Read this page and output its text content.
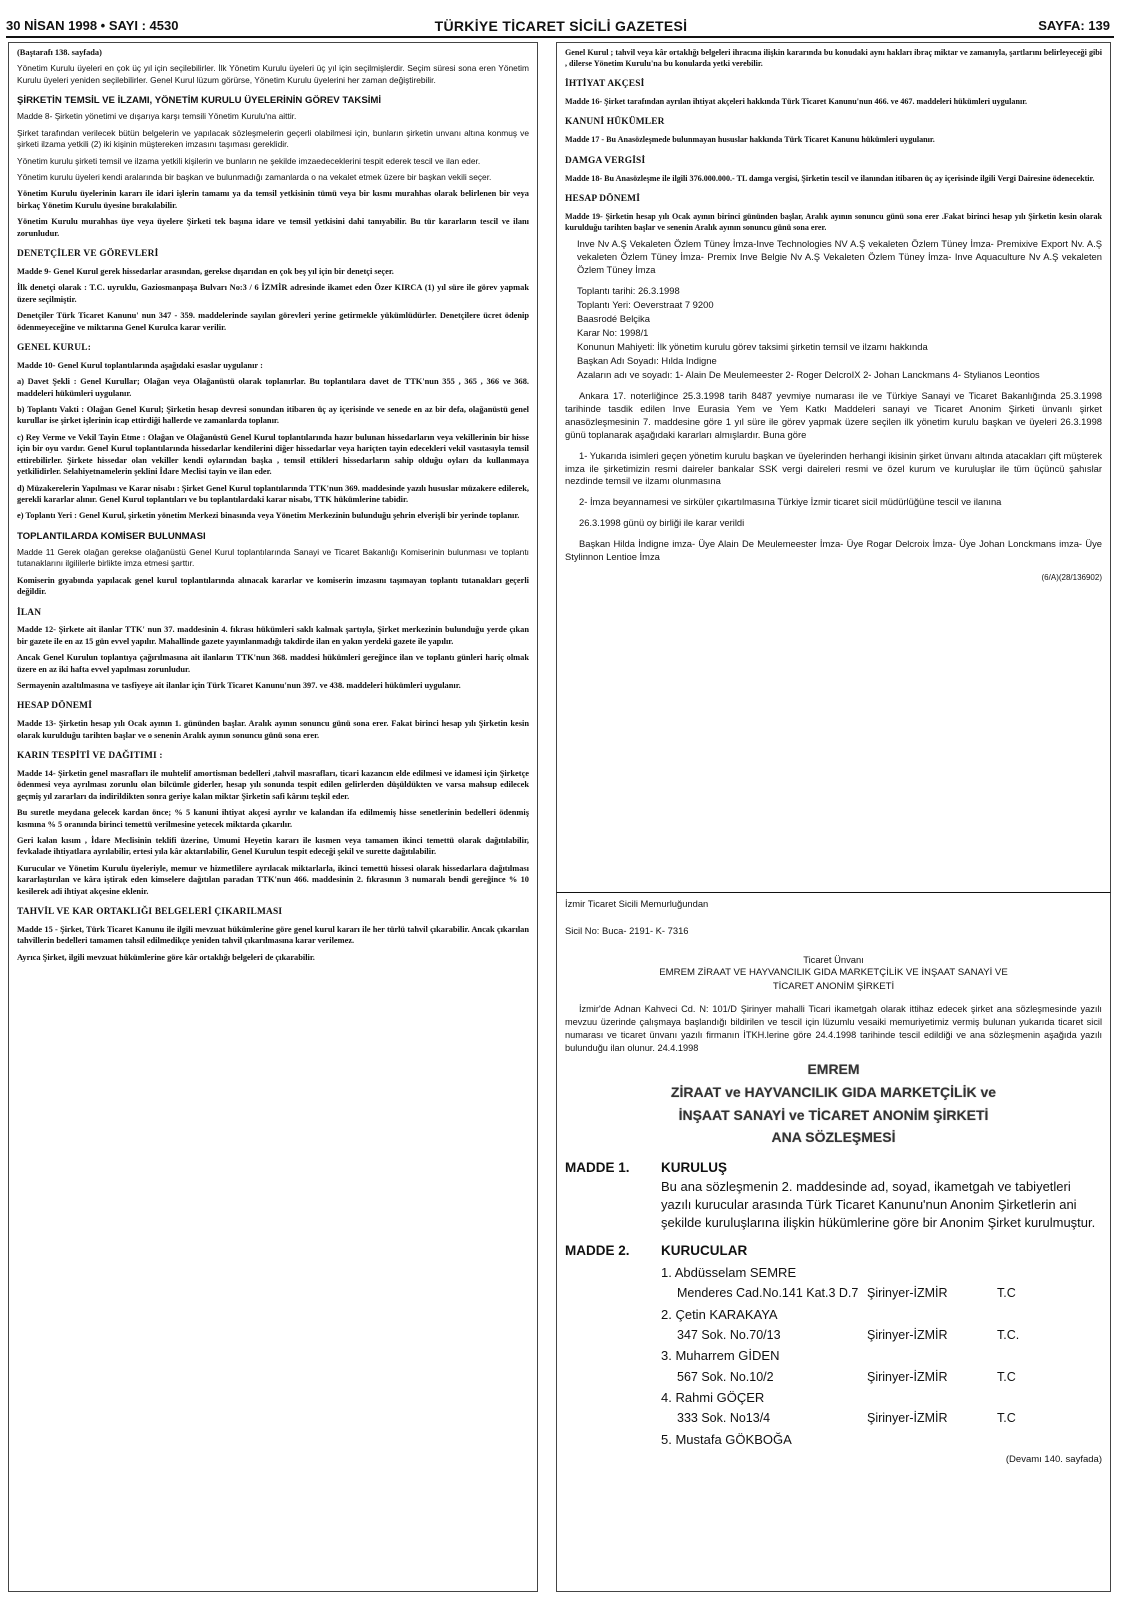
30 NİSAN 1998 • SAYI : 4530	TÜRKİYE TİCARET SİCİLİ GAZETESİ	SAYFA: 139

(Baştarafı 138. sayfada)

Yönetim Kurulu üyeleri en çok üç yıl için seçilebilirler. İlk Yönetim Kurulu üyeleri üç yıl için seçilmişlerdir. Seçim süresi sona eren Yönetim Kurulu üyeleri yeniden seçilebilirler. Genel Kurul lüzum görürse, Yönetim Kurulu üyelerini her zaman değiştirebilir.

ŞİRKETİN TEMSİL VE İLZAMI, YÖNETİM KURULU ÜYELERİNİN GÖREV TAKSİMİ

Madde 8- Şirketin yönetimi ve dışarıya karşı temsili Yönetim Kurulu'na aittir.

Şirket tarafından verilecek bütün belgelerin ve yapılacak sözleşmelerin geçerli olabilmesi için, bunların şirketin unvanı altına konmuş ve şirketi ilzama yetkili (2) iki kişinin müştereken imzasını taşıması gereklidir.

Yönetim kurulu şirketi temsil ve ilzama yetkili kişilerin ve bunların ne şekilde imzaedeceklerini tespit ederek tescil ve ilan eder.

Yönetim kurulu üyeleri kendi aralarında bir başkan ve bulunmadığı zamanlarda o na vekalet etmek üzere bir başkan vekili seçer.

Yönetim Kurulu üyelerinin kararı ile idari işlerin tamamı ya da temsil yetkisinin tümü veya bir kısmı murahhas olarak belirlenen bir veya birkaç Yönetim Kurulu üyesine bırakılabilir.

Yönetim Kurulu murahhas üye veya üyelere Şirketi tek başına idare ve temsil yetkisini dahi tanıyabilir. Bu tür kararların tescil ve ilanı zorunludur.

DENETÇİLER VE GÖREVLERİ

Madde 9- Genel Kurul gerek hissedarlar arasından, gerekse dışarıdan en çok beş yıl için bir denetçi seçer.

İlk denetçi olarak : T.C. uyruklu, Gaziosmanpaşa Bulvarı No:3 / 6 İZMİR adresinde ikamet eden Özer KIRCA (1) yıl süre ile görev yapmak üzere seçilmiştir.

Denetçiler Türk Ticaret Kanunu' nun 347 - 359. maddelerinde sayılan görevleri yerine getirmekle yükümlüdürler. Denetçilere ücret ödenip ödenmeyeceğine ve miktarına Genel Kurulca karar verilir.

GENEL KURUL:

Madde 10- Genel Kurul toplantılarında aşağıdaki esaslar uygulanır :

a) Davet Şekli : Genel Kurullar; Olağan veya Olağanüstü olarak toplanırlar. Bu toplantılara davet de TTK'nun 355 , 365 , 366 ve 368. maddeleri hükümleri uygulanır.

b) Toplantı Vakti : Olağan Genel Kurul; Şirketin hesap devresi sonundan itibaren üç ay içerisinde ve senede en az bir defa, olağanüstü genel kurullar ise şirket işlerinin icap ettirdiği hallerde ve zamanlarda toplanır.

c) Rey Verme ve Vekil Tayin Etme : Olağan ve Olağanüstü Genel Kurul toplantılarında hazır bulunan hissedarların veya vekillerinin bir hisse için bir oyu vardır. Genel Kurul toplantılarında hissedarlar kendilerini diğer hissedarlar veya hariçten tayin edecekleri vekil vasıtasıyla temsil ettirebilirler. Şirkete hissedar olan vekiller kendi oylarından başka , temsil ettikleri hissedarların sahip olduğu oyları da kullanmaya yetkilidirler. Selahiyetnamelerin şeklini İdare Meclisi tayin ve ilan eder.

d) Müzakerelerin Yapılması ve Karar nisabı : Şirket Genel Kurul toplantılarında TTK'nun 369. maddesinde yazılı hususlar müzakere edilerek, gerekli kararlar alınır. Genel Kurul toplantıları ve bu toplantılardaki karar nisabı, TTK hükümlerine tabidir.

e) Toplantı Yeri : Genel Kurul, şirketin yönetim Merkezi binasında veya Yönetim Merkezinin bulunduğu şehrin elverişli bir yerinde toplanır.

TOPLANTILARDA KOMİSER BULUNMASI

Madde 11 Gerek olağan gerekse olağanüstü Genel Kurul toplantılarında Sanayi ve Ticaret Bakanlığı Komiserinin bulunması ve toplantı tutanaklarını ilgililerle birlikte imza etmesi şarttır.

Komiserin gıyabında yapılacak genel kurul toplantılarında alınacak kararlar ve komiserin imzasını taşımayan toplantı tutanakları geçerli değildir.

İLAN

Madde 12- Şirkete ait ilanlar TTK' nun 37. maddesinin 4. fıkrası hükümleri saklı kalmak şartıyla, Şirket merkezinin bulunduğu yerde çıkan bir gazete ile en az 15 gün evvel yapılır. Mahallinde gazete yayınlanmadığı takdirde ilan en yakın yerdeki gazete ile yapılır.

Ancak Genel Kurulun toplantıya çağırılmasına ait ilanların TTK'nun 368. maddesi hükümleri gereğince ilan ve toplantı günleri hariç olmak üzere en az iki hafta evvel yapılması zorunludur.

Sermayenin azaltılmasına ve tasfiyeye ait ilanlar için Türk Ticaret Kanunu'nun 397. ve 438. maddeleri hükümleri uygulanır.

HESAP DÖNEMİ

Madde 13- Şirketin hesap yılı Ocak ayının 1. gününden başlar. Aralık ayının sonuncu günü sona erer. Fakat birinci hesap yılı Şirketin kesin olarak kurulduğu tarihten başlar ve o senenin Aralık ayının sonuncu günü sona erer.

KARIN TESPİTİ VE DAĞITIMI :

Madde 14- Şirketin genel masrafları ile muhtelif amortisman bedelleri ,tahvil masrafları, ticari kazancın elde edilmesi ve idamesi için Şirketçe ödenmesi veya ayrılması zorunlu olan bilcümle giderler, hesap yılı sonunda tespit edilen gelirlerden düşüldükten ve varsa mahsup edilecek geçmiş yıl zararları da indirildikten sonra geriye kalan miktar Şirketin safi kârını teşkil eder.

Bu suretle meydana gelecek kardan önce; % 5 kanuni ihtiyat akçesi ayrılır ve kalandan ifa edilmemiş hisse senetlerinin bedelleri ödenmiş kısmına % 5 oranında birinci temettü verilmesine yetecek miktarda çıkarılır.

Geri kalan kısım , İdare Meclisinin teklifi üzerine, Umumi Heyetin kararı ile kısmen veya tamamen ikinci temettü olarak dağıtılabilir, fevkalade ihtiyatlara ayrılabilir, ertesi yıla kâr aktarılabilir, Genel Kurulun tespit edeceği şekil ve surette dağıtılabilir.

Kurucular ve Yönetim Kurulu üyeleriyle, memur ve hizmetlilere ayrılacak miktarlarla, ikinci temettü hissesi olarak hissedarlara dağıtılması kararlaştırılan ve kâra iştirak eden kimselere dağıtılan paradan TTK'nun 466. maddesinin 2. fıkrasının 3 numaralı bendi gereğince % 10 kesilerek adi ihtiyat akçesine eklenir.

TAHVİL VE KAR ORTAKLIĞI BELGELERİ ÇIKARILMASI

Madde 15 - Şirket, Türk Ticaret Kanunu ile ilgili mevzuat hükümlerine göre genel kurul kararı ile her türlü tahvil çıkarabilir. Ancak çıkarılan tahvillerin bedelleri tamamen tahsil edilmedikçe yeniden tahvil çıkarılmasına karar verilemez.

Ayrıca Şirket, ilgili mevzuat hükümlerine göre kâr ortaklığı belgeleri de çıkarabilir.

Genel Kurul ; tahvil veya kâr ortaklığı belgeleri ihracına ilişkin kararında bu konudaki aynı hakları ibraç miktar ve zamanıyla, şartlarını belirleyeceği gibi , dilerse Yönetim Kurulu'na bu konularda yetki verebilir.

İHTİYAT AKÇESİ

Madde 16- Şirket tarafından ayrılan ihtiyat akçeleri hakkında Türk Ticaret Kanunu'nun 466. ve 467. maddeleri hükümleri uygulanır.

KANUNİ HÜKÜMLER

Madde 17 - Bu Anasözleşmede bulunmayan hususlar hakkında Türk Ticaret Kanunu hükümleri uygulanır.

DAMGA VERGİSİ

Madde 18- Bu Anasözleşme ile ilgili 376.000.000.- TL damga vergisi, Şirketin tescil ve ilanından itibaren üç ay içerisinde ilgili Vergi Dairesine ödenecektir.

HESAP DÖNEMİ

Madde 19- Şirketin hesap yılı Ocak ayının birinci gününden başlar, Aralık ayının sonuncu günü sona erer .Fakat birinci hesap yılı Şirketin kesin olarak kurulduğu tarihten başlar ve senenin Aralık ayının sonuncu günü sona erer.

Inve Nv A.Ş Vekaleten Özlem Tüney İmza-Inve Technologies NV A.Ş vekaleten Özlem Tüney İmza- Premixive Export Nv. A.Ş vekaleten Özlem Tüney İmza- Premix Inve Belgie Nv A.Ş Vekaleten Özlem Tüney İmza- Inve Aquaculture Nv A.Ş vekaleten Özlem Tüney İmza

Toplantı tarihi: 26.3.1998
Toplantı Yeri: Oeverstraat 7 9200
Baasrodé Belçika
Karar No: 1998/1
Konunun Mahiyeti: İlk yönetim kurulu görev taksimi şirketin temsil ve ilzamı hakkında
Başkan Adı Soyadı: Hılda Indigne
Azaların adı ve soyadı: 1- Alain De Meulemeester 2- Roger DelcroIX 2- Johan Lanckmans 4- Stylianos Leontios

Ankara 17. noterliğince 25.3.1998 tarih 8487 yevmiye numarası ile ve Türkiye Sanayi ve Ticaret Bakanlığında 25.3.1998 tarihinde tasdik edilen Inve Eurasia Yem ve Yem Katkı Maddeleri sanayi ve Ticaret Anonim Şirketi ünvanlı şirket anasözleşmesinin 7. maddesine göre 1 yıl süre ile görev yapmak üzere seçilen ilk yönetim kurulu başkan ve üyeleri 26.3.1998 günü toplanarak aşağıdaki kararları almışlardır. Buna göre

1- Yukarıda isimleri geçen yönetim kurulu başkan ve üyelerinden herhangi ikisinin şirket ünvanı altında atacakları çift müşterek imza ile şirketimizin resmi daireler bankalar SSK vergi daireleri resmi ve özel kurum ve kuruluşlar ile tüm üçüncü şahıslar nezdinde temsil ve ilzamı olunmasına

2- İmza beyannamesi ve sirküler çıkartılmasına Türkiye İzmir ticaret sicil müdürlüğüne tescil ve ilanına

26.3.1998 günü oy birliği ile karar verildi

Başkan Hilda İndigne imza- Üye Alain De Meulemeester İmza- Üye Rogar Delcroix İmza- Üye Johan Lonckmans imza- Üye Stylinnon Lentioe İmza

(6/A)(28/136902)
İzmir Ticaret Sicili Memurluğundan
Sicil No: Buca- 2191- K- 7316
Ticaret Ünvanı
EMREM ZİRAAT VE HAYVANCILIK GIDA MARKETÇİLİK VE İNŞAAT SANAYİ VE
TİCARET ANONİM ŞİRKETİ

İzmir'de Adnan Kahveci Cd. N: 101/D Şirinyer mahalli Ticari ikametgah olarak ittihaz edecek şirket ana sözleşmesinde yazılı mevzuu üzerinde çalışmaya başlandığı bildirilen ve tescil için lüzumlu vesaiki memuriyetimiz vermiş bulunan yukarıda ticaret sicil numarası ve ticaret ünvanı yazılı firmanın İTKH.lerine göre 24.4.1998 tarihinde tescil edildiği ve ana sözleşmenin aşağıda yazılı bulunduğu ilan olunur. 24.4.1998

EMREM
ZİRAAT ve HAYVANCILIK GIDA MARKETÇİLİK ve
İNŞAAT SANAYİ ve TİCARET ANONİM ŞİRKETİ
ANA SÖZLEŞMESİ
MADDE 1.	KURULUŞ
Bu ana sözleşmenin 2. maddesinde ad, soyad, ikametgah ve tabiyetleri yazılı kurucular arasında Türk Ticaret Kanunu'nun Anonim Şirketlerin ani şekilde kuruluşlarına ilişkin hükümlerine göre bir Anonim Şirket kurulmuştur.
MADDE 2.	KURUCULAR
1. Abdüsselam SEMRE
Menderes Cad.No.141 Kat.3 D.7 Şirinyer-İZMİR	T.C
2. Çetin KARAKAYA
347 Sok. No.70/13	Şirinyer-İZMİR	T.C.
3. Muharrem GİDEN
567 Sok. No.10/2	Şirinyer-İZMİR	T.C
4. Rahmi GÖÇER
333 Sok. No13/4	Şirinyer-İZMİR	T.C
5. Mustafa GÖKBOĞA
(Devamı 140. sayfada)
